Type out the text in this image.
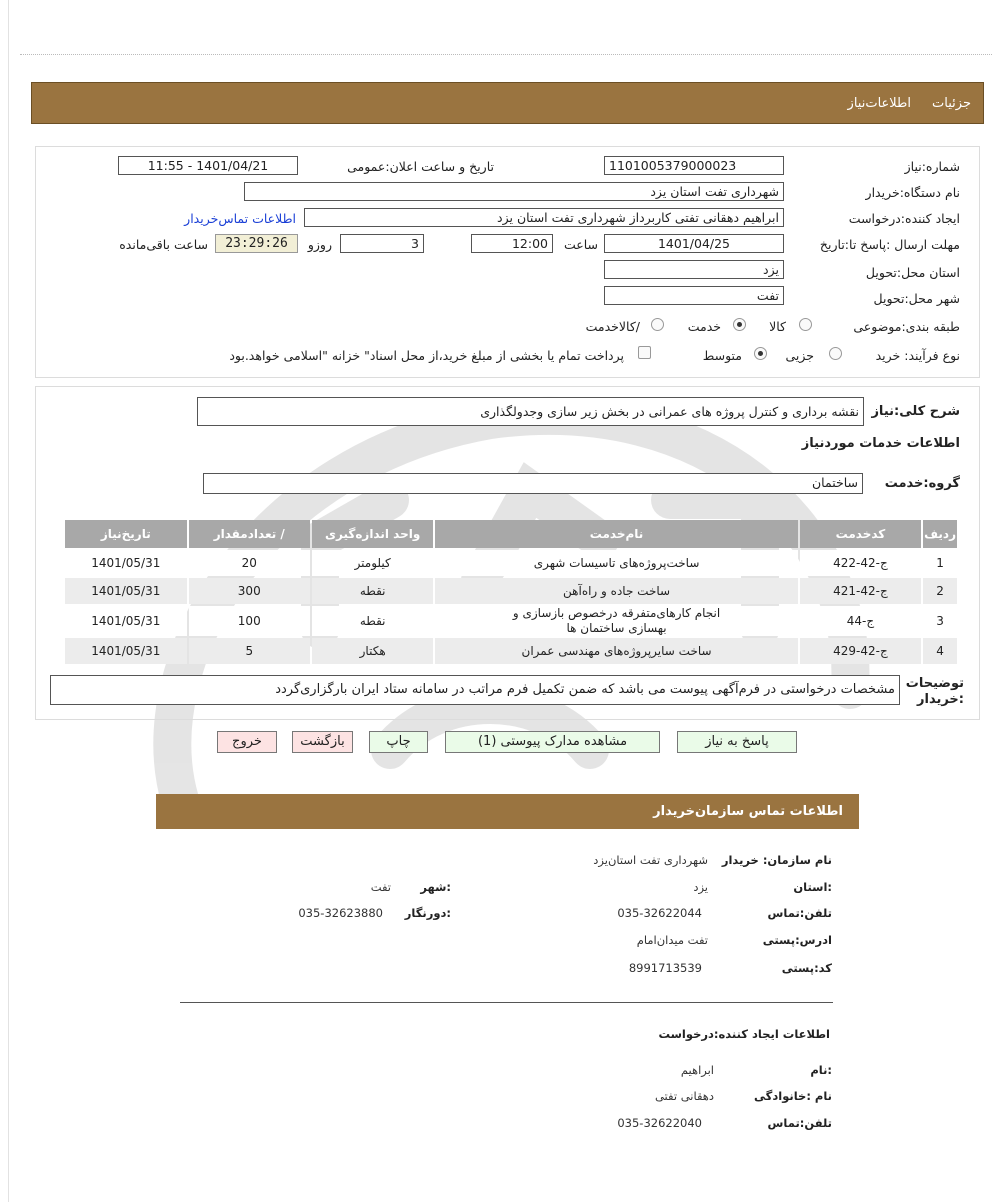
جزئیات
اطلاعات‌نیاز
شماره:نیاز
1101005379000023
تاریخ و ساعت اعلان:عمومی
1401/04/21 - 11:55
نام دستگاه:خریدار
شهرداری تفت استان یزد
ایجاد کننده:درخواست
ابراهیم دهقانی تفتی کاربرداز شهرداری تفت استان یزد
اطلاعات تماس‌خریدار
مهلت ارسال :پاسخ تا:تاریخ
1401/04/25
ساعت
12:00
3
روزو
23:29:26
ساعت باقی‌مانده
استان محل:تحویل
یزد
شهر محل:تحویل
تفت
طبقه بندی:موضوعی
کالا
خدمت
/کالاخدمت
نوع فرآیند: خرید
جزیی
متوسط
پرداخت تمام یا بخشی از مبلغ خرید،از محل اسناد" خزانه "اسلامی خواهد.بود
شرح کلی:نیاز
نقشه برداری و کنترل پروژه های عمرانی در بخش زیر سازی وجدولگذاری
اطلاعات خدمات موردنیاز
گروه:خدمت
ساختمان
ردیف	کدخدمت	نام‌خدمت	واحد اندازه‌گیری	/ تعدادمقدار	تاریخ‌نیاز
1	ج-42-422	ساخت‌پروژه‌های تاسیسات شهری	کیلومتر	20	1401/05/31
2	ج-42-421	ساخت جاده و راه‌آهن	نقطه	300	1401/05/31
3	ج-44	انجام کارهای‌متفرقه درخصوص بازسازی و بهسازی ساختمان ها	نقطه	100	1401/05/31
4	ج-42-429	ساخت سایرپروژه‌های مهندسی عمران	هکتار	5	1401/05/31
توضیحات :خریدار
مشخصات درخواستی در فرم‌آگهی پیوست می باشد که ضمن تکمیل فرم مراتب در سامانه ستاد ایران بارگزاری‌گردد
پاسخ به نیاز
مشاهده مدارک پیوستی (1)
چاپ
بازگشت
خروج
اطلاعات تماس سازمان‌خریدار
نام سازمان: خریدار
شهرداری تفت استان‌یزد
:استان
یزد
:شهر
تفت
تلفن:تماس
035-32622044
:دورنگار
035-32623880
ادرس:پستی
تفت میدان‌امام
کد:پستی
8991713539
اطلاعات ایجاد کننده:درخواست
:نام
ابراهیم
نام :خانوادگی
دهقانی تفتی
تلفن:تماس
035-32622040
